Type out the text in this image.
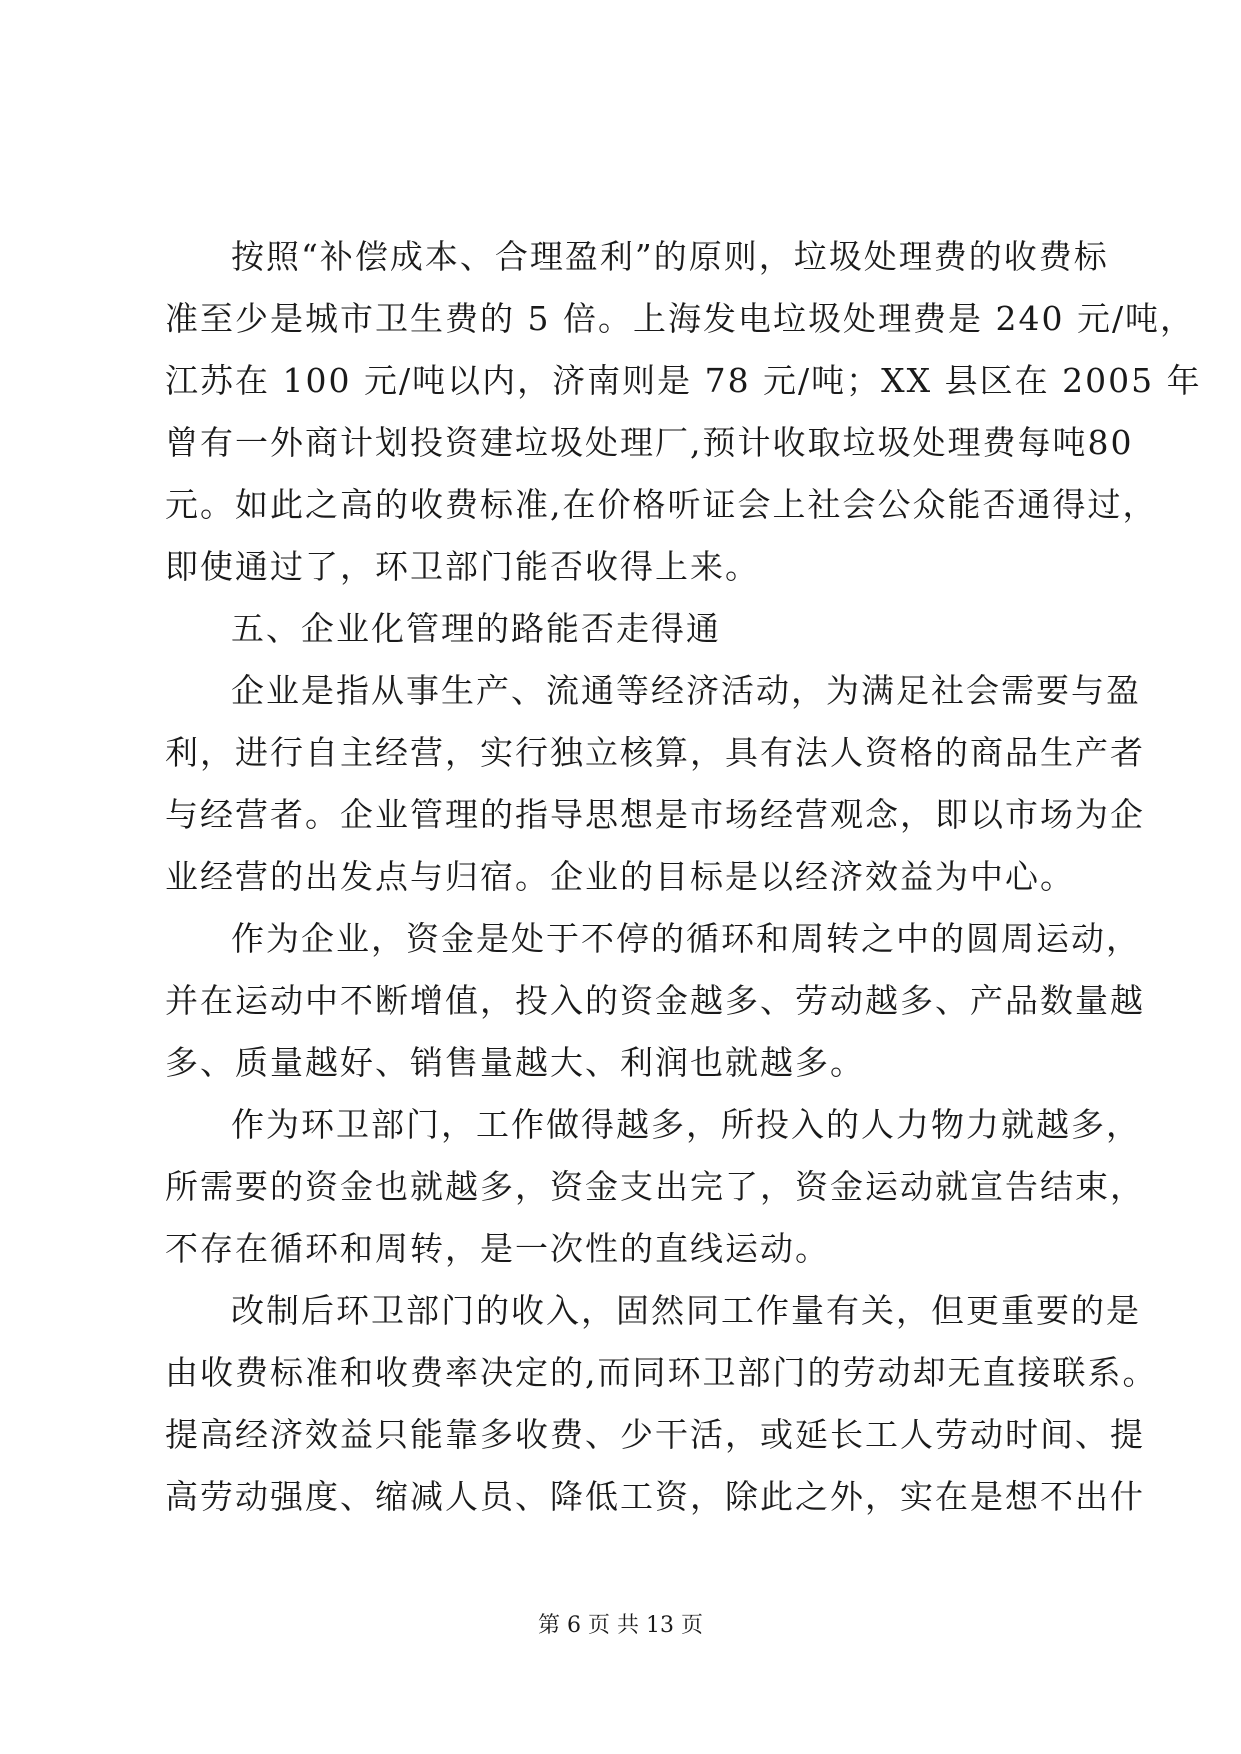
按照“补偿成本、合理盈利”的原则，垃圾处理费的收费标
准至少是城市卫生费的 5 倍。上海发电垃圾处理费是 240 元/吨，
江苏在 100 元/吨以内，济南则是 78 元/吨；XX 县区在 2005 年
曾有一外商计划投资建垃圾处理厂,预计收取垃圾处理费每吨80
元。如此之高的收费标准,在价格听证会上社会公众能否通得过，
即使通过了，环卫部门能否收得上来。
五、企业化管理的路能否走得通
企业是指从事生产、流通等经济活动，为满足社会需要与盈
利，进行自主经营，实行独立核算，具有法人资格的商品生产者
与经营者。企业管理的指导思想是市场经营观念，即以市场为企
业经营的出发点与归宿。企业的目标是以经济效益为中心。
作为企业，资金是处于不停的循环和周转之中的圆周运动，
并在运动中不断增值，投入的资金越多、劳动越多、产品数量越
多、质量越好、销售量越大、利润也就越多。
作为环卫部门，工作做得越多，所投入的人力物力就越多，
所需要的资金也就越多，资金支出完了，资金运动就宣告结束，
不存在循环和周转，是一次性的直线运动。
改制后环卫部门的收入，固然同工作量有关，但更重要的是
由收费标准和收费率决定的,而同环卫部门的劳动却无直接联系。
提高经济效益只能靠多收费、少干活，或延长工人劳动时间、提
高劳动强度、缩减人员、降低工资，除此之外，实在是想不出什
第 6 页 共 13 页
